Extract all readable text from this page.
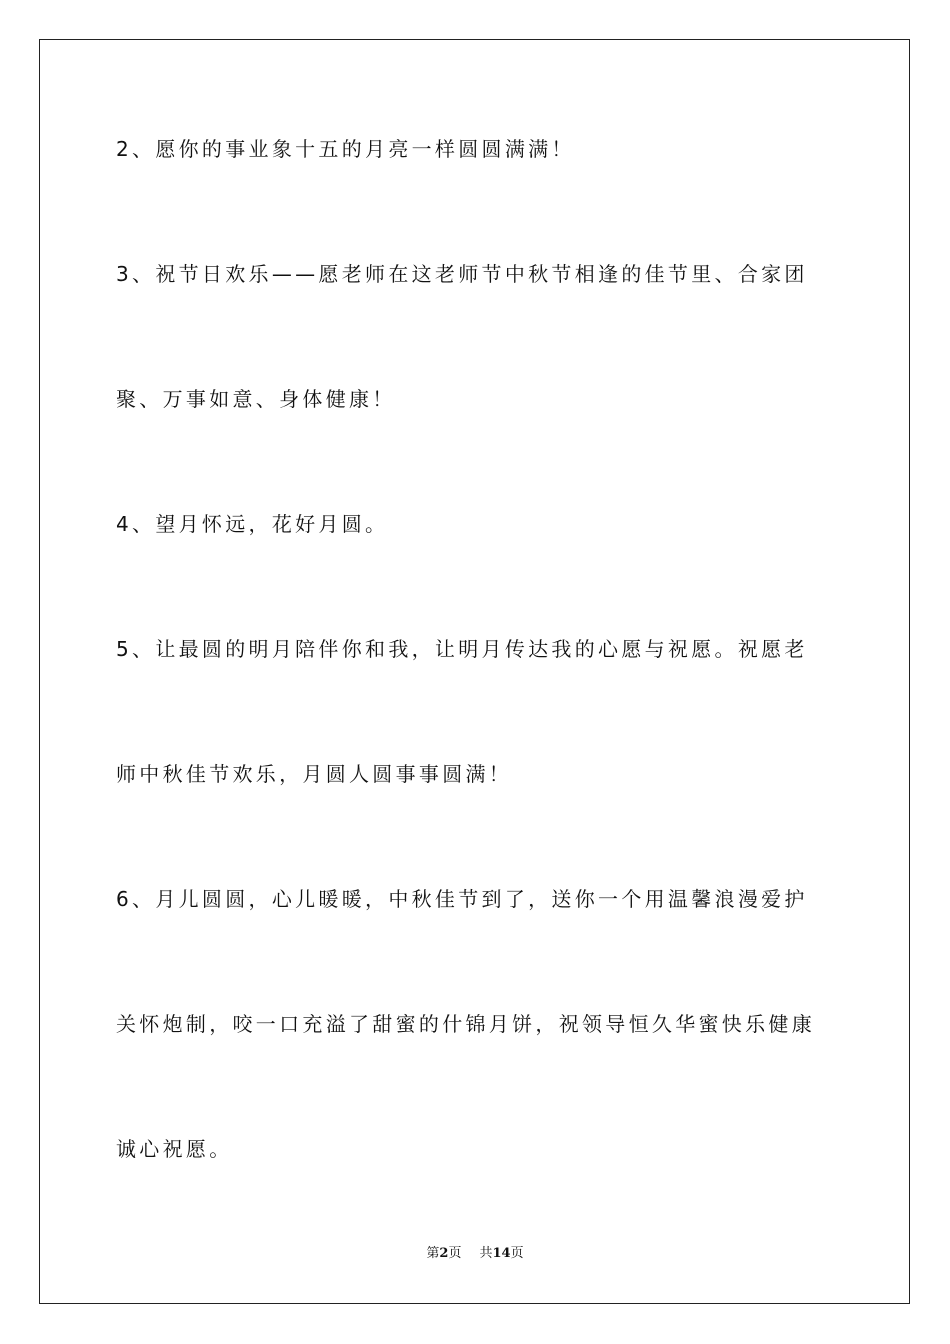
2、愿你的事业象十五的月亮一样圆圆满满！
3、祝节日欢乐——愿老师在这老师节中秋节相逢的佳节里、合家团
聚、万事如意、身体健康！
4、望月怀远，花好月圆。
5、让最圆的明月陪伴你和我，让明月传达我的心愿与祝愿。祝愿老
师中秋佳节欢乐，月圆人圆事事圆满！
6、月儿圆圆，心儿暖暖，中秋佳节到了，送你一个用温馨浪漫爱护
关怀炮制，咬一口充溢了甜蜜的什锦月饼，祝领导恒久华蜜快乐健康
诚心祝愿。
第2页 共14页
